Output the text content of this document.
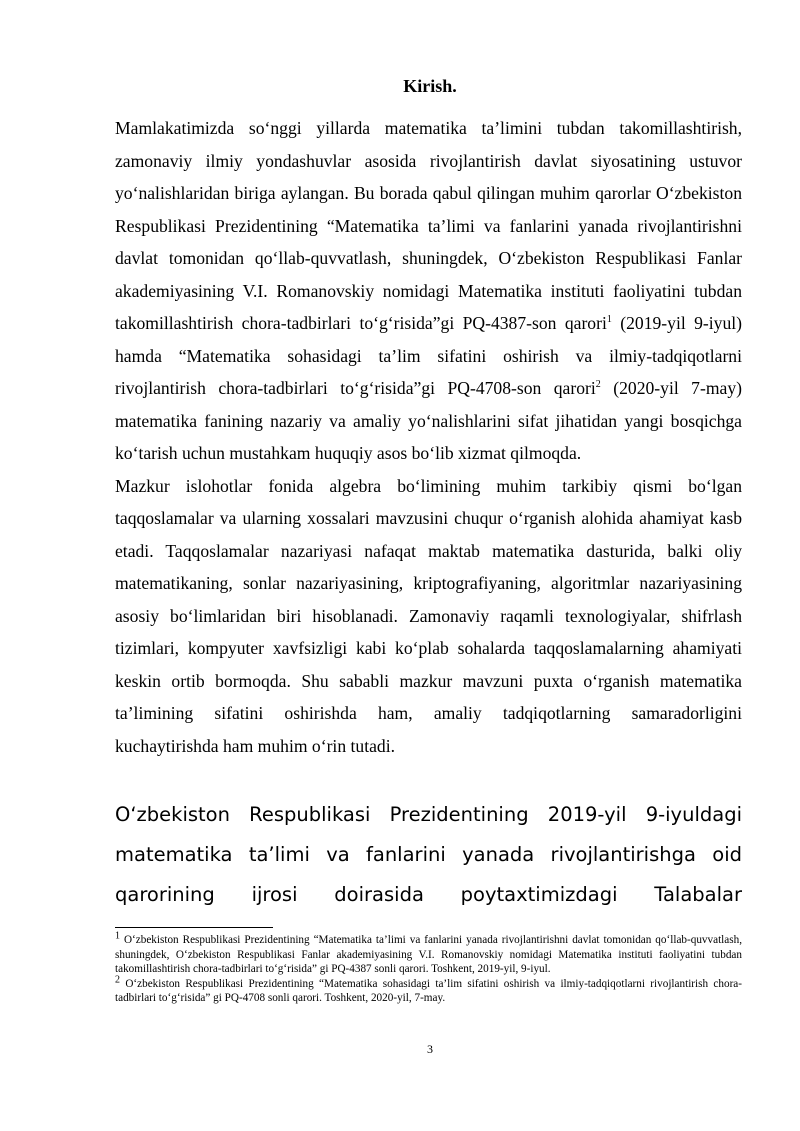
Kirish.

Mamlakatimizda so‘nggi yillarda matematika ta’limini tubdan takomillashtirish, zamonaviy ilmiy yondashuvlar asosida rivojlantirish davlat siyosatining ustuvor yo‘nalishlaridan biriga aylangan. Bu borada qabul qilingan muhim qarorlar O‘zbekiston Respublikasi Prezidentining “Matematika ta’limi va fanlarini yanada rivojlantirishni davlat tomonidan qo‘llab-quvvatlash, shuningdek, O‘zbekiston Respublikasi Fanlar akademiyasining V.I. Romanovskiy nomidagi Matematika instituti faoliyatini tubdan takomillashtirish chora-tadbirlari to‘g‘risida”gi PQ-4387-son qarori$^1$ (2019-yil 9-iyul) hamda “Matematika sohasidagi ta’lim sifatini oshirish va ilmiy-tadqiqotlarni rivojlantirish chora-tadbirlari to‘g‘risida”gi PQ-4708-son qarori$^2$ (2020-yil 7-may) matematika fanining nazariy va amaliy yo‘nalishlarini sifat jihatidan yangi bosqichga ko‘tarish uchun mustahkam huquqiy asos bo‘lib xizmat qilmoqda.

Mazkur islohotlar fonida algebra bo‘limining muhim tarkibiy qismi bo‘lgan taqqoslamalar va ularning xossalari mavzusini chuqur o‘rganish alohida ahamiyat kasb etadi. Taqqoslamalar nazariyasi nafaqat maktab matematika dasturida, balki oliy matematikaning, sonlar nazariyasining, kriptografiyaning, algoritmlar nazariyasining asosiy bo‘limlaridan biri hisoblanadi. Zamonaviy raqamli texnologiyalar, shifrlash tizimlari, kompyuter xavfsizligi kabi ko‘plab sohalarda taqqoslamalarning ahamiyati keskin ortib bormoqda. Shu sababli mazkur mavzuni puxta o‘rganish matematika ta’limining sifatini oshirishda ham, amaliy tadqiqotlarning samaradorligini kuchaytirishda ham muhim o‘rin tutadi.

O‘zbekiston Respublikasi Prezidentining 2019-yil 9-iyuldagi matematika ta’limi va fanlarini yanada rivojlantirishga oid qarorining ijrosi doirasida poytaxtimizdagi Talabalar

$^1$ O‘zbekiston Respublikasi Prezidentining “Matematika ta’limi va fanlarini yanada rivojlantirishni davlat tomonidan qo‘llab-quvvatlash, shuningdek, O‘zbekiston Respublikasi Fanlar akademiyasining V.I. Romanovskiy nomidagi Matematika instituti faoliyatini tubdan takomillashtirish chora-tadbirlari to‘g‘risida” gi PQ-4387 sonli qarori. Toshkent, 2019-yil, 9-iyul.

$^2$ O‘zbekiston Respublikasi Prezidentining “Matematika sohasidagi ta’lim sifatini oshirish va ilmiy-tadqiqotlarni rivojlantirish chora-tadbirlari to‘g‘risida” gi PQ-4708 sonli qarori. Toshkent, 2020-yil, 7-may.

3
